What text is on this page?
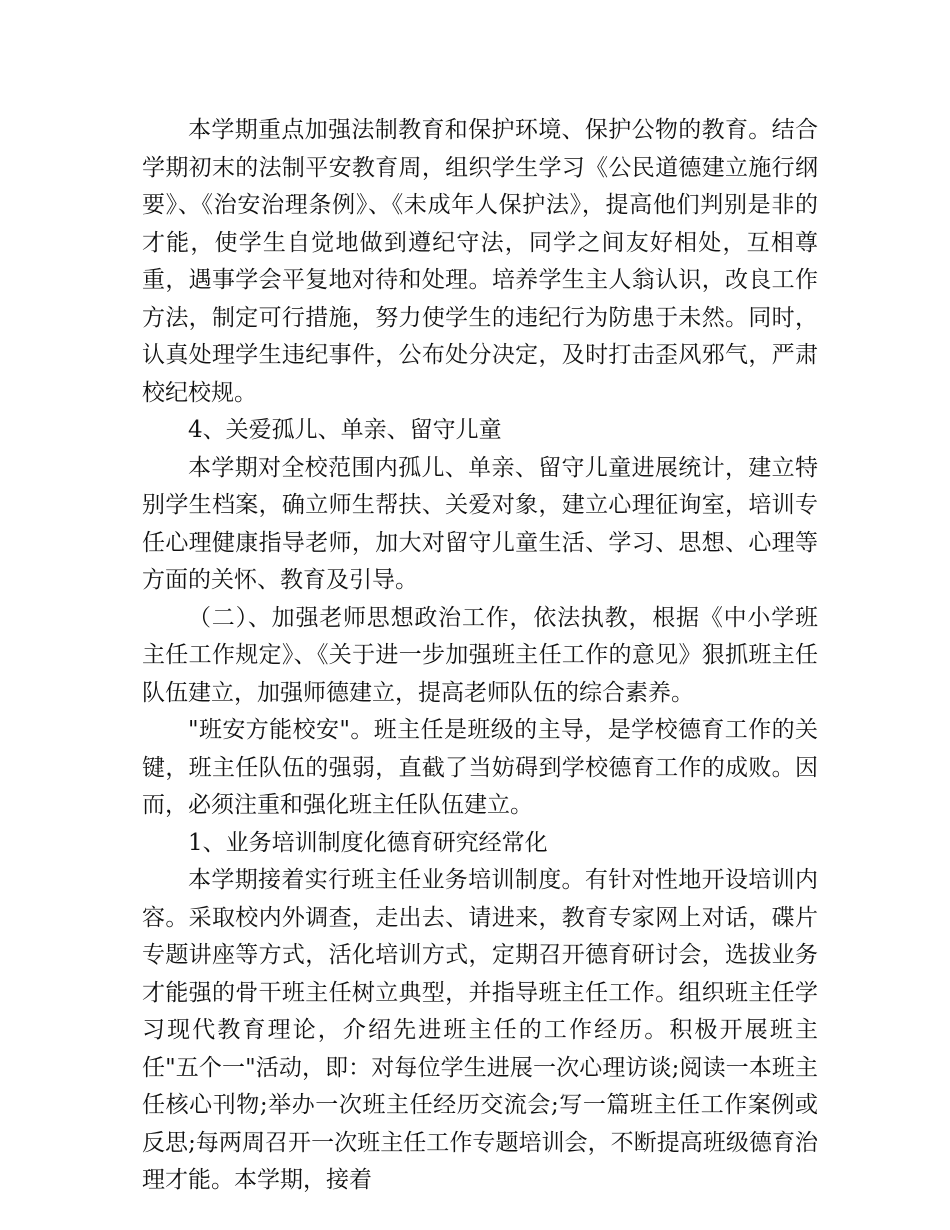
本学期重点加强法制教育和保护环境、保护公物的教育。结合学期初末的法制平安教育周，组织学生学习《公民道德建立施行纲要》、《治安治理条例》、《未成年人保护法》，提高他们判别是非的才能，使学生自觉地做到遵纪守法，同学之间友好相处，互相尊重，遇事学会平复地对待和处理。培养学生主人翁认识，改良工作方法，制定可行措施，努力使学生的违纪行为防患于未然。同时，认真处理学生违纪事件，公布处分决定，及时打击歪风邪气，严肃校纪校规。

4、关爱孤儿、单亲、留守儿童

本学期对全校范围内孤儿、单亲、留守儿童进展统计，建立特别学生档案，确立师生帮扶、关爱对象，建立心理征询室，培训专任心理健康指导老师，加大对留守儿童生活、学习、思想、心理等方面的关怀、教育及引导。

（二）、加强老师思想政治工作，依法执教，根据《中小学班主任工作规定》、《关于进一步加强班主任工作的意见》狠抓班主任队伍建立，加强师德建立，提高老师队伍的综合素养。

"班安方能校安"。班主任是班级的主导，是学校德育工作的关键，班主任队伍的强弱，直截了当妨碍到学校德育工作的成败。因而，必须注重和强化班主任队伍建立。

1、业务培训制度化德育研究经常化

本学期接着实行班主任业务培训制度。有针对性地开设培训内容。采取校内外调查，走出去、请进来，教育专家网上对话，碟片专题讲座等方式，活化培训方式，定期召开德育研讨会，选拔业务才能强的骨干班主任树立典型，并指导班主任工作。组织班主任学习现代教育理论，介绍先进班主任的工作经历。积极开展班主任"五个一"活动，即：对每位学生进展一次心理访谈;阅读一本班主任核心刊物;举办一次班主任经历交流会;写一篇班主任工作案例或反思;每两周召开一次班主任工作专题培训会，不断提高班级德育治理才能。本学期，接着
